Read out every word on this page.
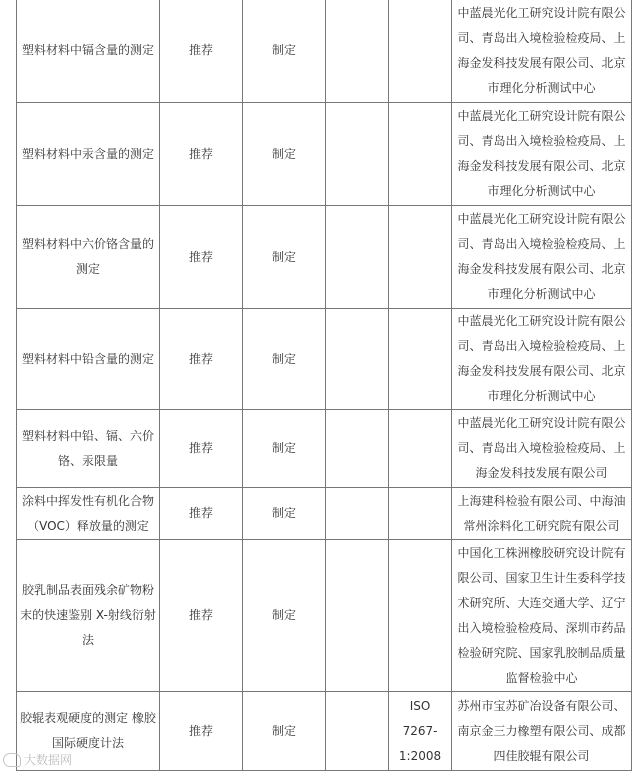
塑料材料中镉含量的测定	推荐	制定			中蓝晨光化工研究设计院有限公司、青岛出入境检验检疫局、上海金发科技发展有限公司、北京市理化分析测试中心
塑料材料中汞含量的测定	推荐	制定			中蓝晨光化工研究设计院有限公司、青岛出入境检验检疫局、上海金发科技发展有限公司、北京市理化分析测试中心
塑料材料中六价铬含量的测定	推荐	制定			中蓝晨光化工研究设计院有限公司、青岛出入境检验检疫局、上海金发科技发展有限公司、北京市理化分析测试中心
塑料材料中铅含量的测定	推荐	制定			中蓝晨光化工研究设计院有限公司、青岛出入境检验检疫局、上海金发科技发展有限公司、北京市理化分析测试中心
塑料材料中铅、镉、六价铬、汞限量	推荐	制定			中蓝晨光化工研究设计院有限公司、青岛出入境检验检疫局、上海金发科技发展有限公司
涂料中挥发性有机化合物（VOC）释放量的测定	推荐	制定			上海建科检验有限公司、中海油常州涂料化工研究院有限公司
胶乳制品表面残余矿物粉末的快速鉴别 X-射线衍射法	推荐	制定			中国化工株洲橡胶研究设计院有限公司、国家卫生计生委科学技术研究所、大连交通大学、辽宁出入境检验检疫局、深圳市药品检验研究院、国家乳胶制品质量监督检验中心
胶辊表观硬度的测定 橡胶国际硬度计法	推荐	制定		ISO 7267-1:2008	苏州市宝苏矿冶设备有限公司、南京金三力橡塑有限公司、成都四佳胶辊有限公司
大数据网
